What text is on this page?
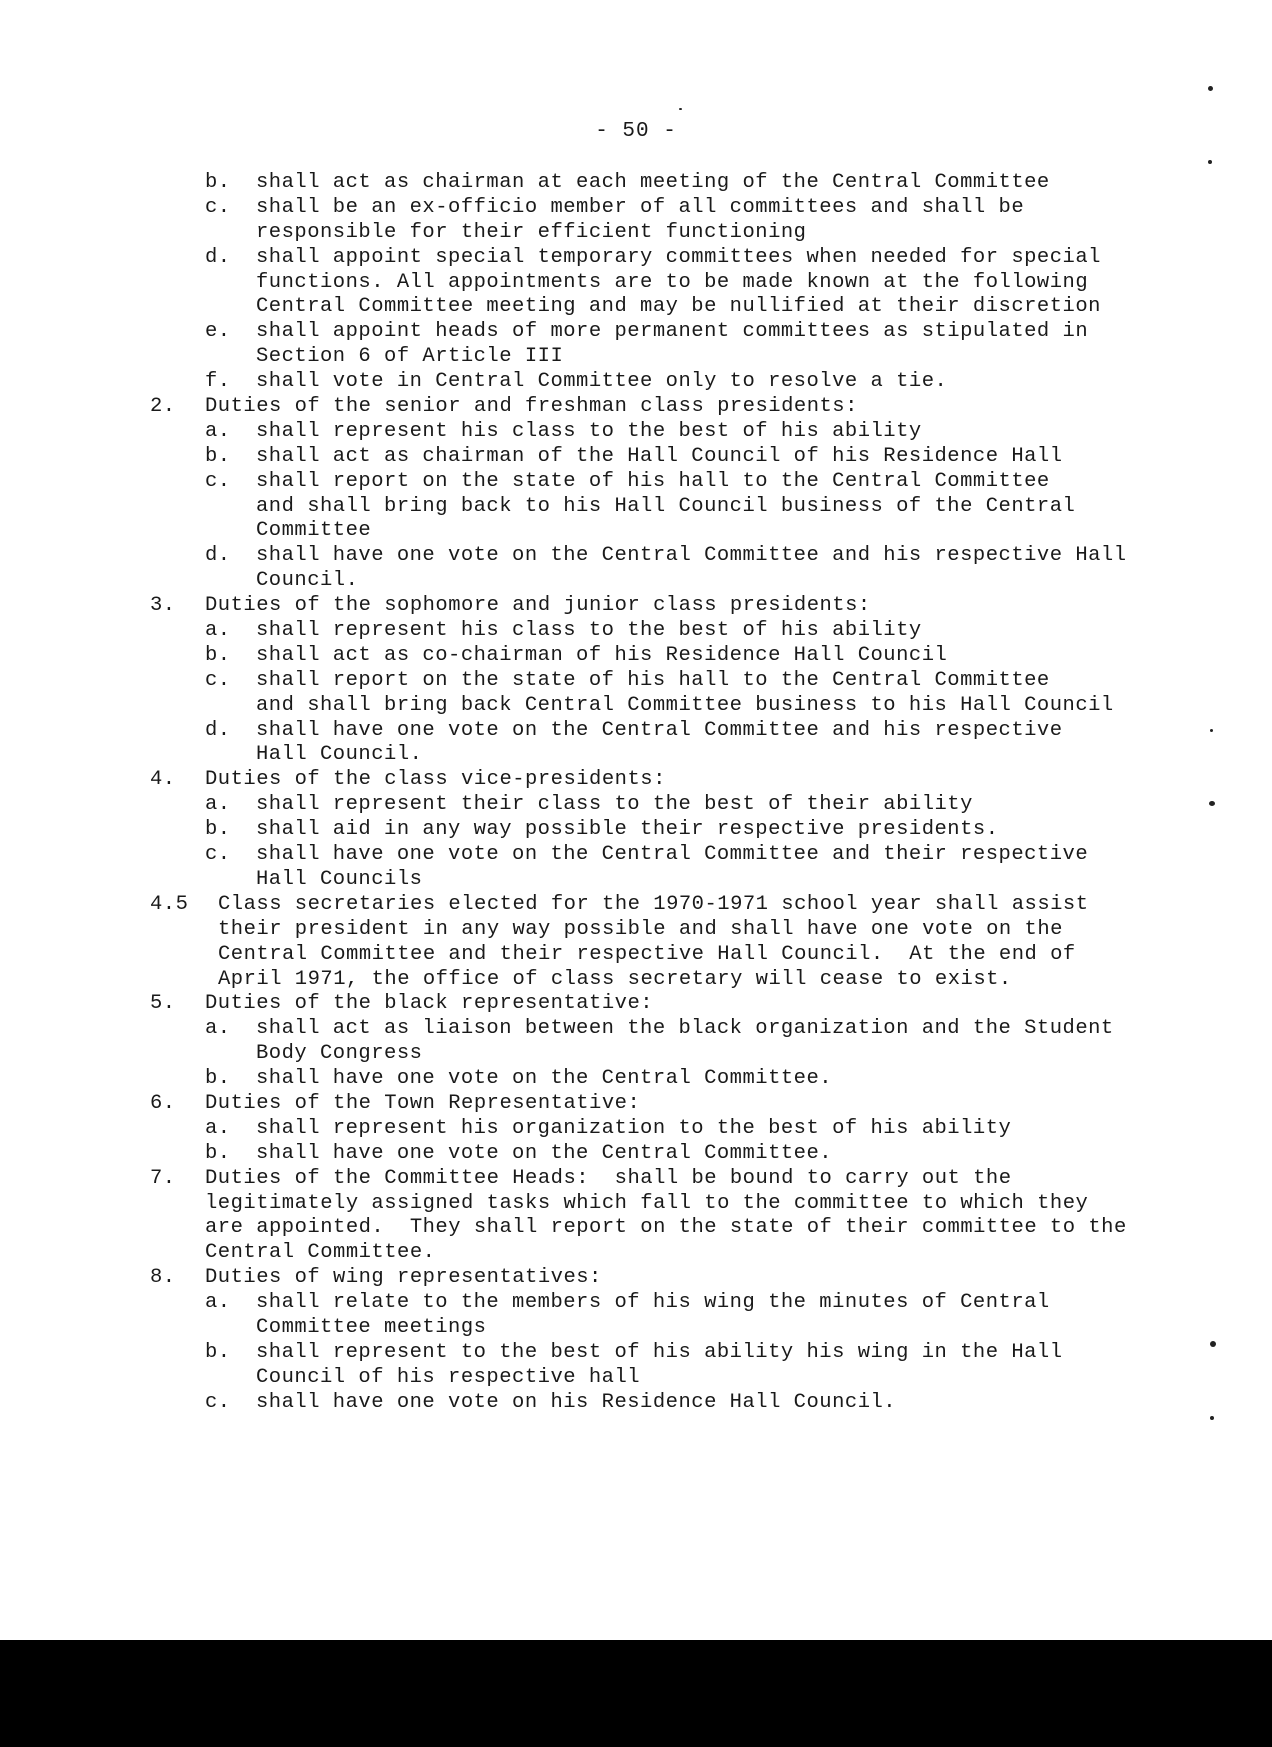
- 50 -
b. shall act as chairman at each meeting of the Central Committee
c. shall be an ex-officio member of all committees and shall be
responsible for their efficient functioning
d. shall appoint special temporary committees when needed for special
functions. All appointments are to be made known at the following
Central Committee meeting and may be nullified at their discretion
e. shall appoint heads of more permanent committees as stipulated in
Section 6 of Article III
f. shall vote in Central Committee only to resolve a tie.
2. Duties of the senior and freshman class presidents:
a. shall represent his class to the best of his ability
b. shall act as chairman of the Hall Council of his Residence Hall
c. shall report on the state of his hall to the Central Committee
and shall bring back to his Hall Council business of the Central
Committee
d. shall have one vote on the Central Committee and his respective Hall
Council.
3. Duties of the sophomore and junior class presidents:
a. shall represent his class to the best of his ability
b. shall act as co-chairman of his Residence Hall Council
c. shall report on the state of his hall to the Central Committee
and shall bring back Central Committee business to his Hall Council
d. shall have one vote on the Central Committee and his respective
Hall Council.
4. Duties of the class vice-presidents:
a. shall represent their class to the best of their ability
b. shall aid in any way possible their respective presidents.
c. shall have one vote on the Central Committee and their respective
Hall Councils
4.5 Class secretaries elected for the 1970-1971 school year shall assist
their president in any way possible and shall have one vote on the
Central Committee and their respective Hall Council.  At the end of
April 1971, the office of class secretary will cease to exist.
5. Duties of the black representative:
a. shall act as liaison between the black organization and the Student
Body Congress
b. shall have one vote on the Central Committee.
6. Duties of the Town Representative:
a. shall represent his organization to the best of his ability
b. shall have one vote on the Central Committee.
7. Duties of the Committee Heads:  shall be bound to carry out the
legitimately assigned tasks which fall to the committee to which they
are appointed.  They shall report on the state of their committee to the
Central Committee.
8. Duties of wing representatives:
a. shall relate to the members of his wing the minutes of Central
Committee meetings
b. shall represent to the best of his ability his wing in the Hall
Council of his respective hall
c. shall have one vote on his Residence Hall Council.
